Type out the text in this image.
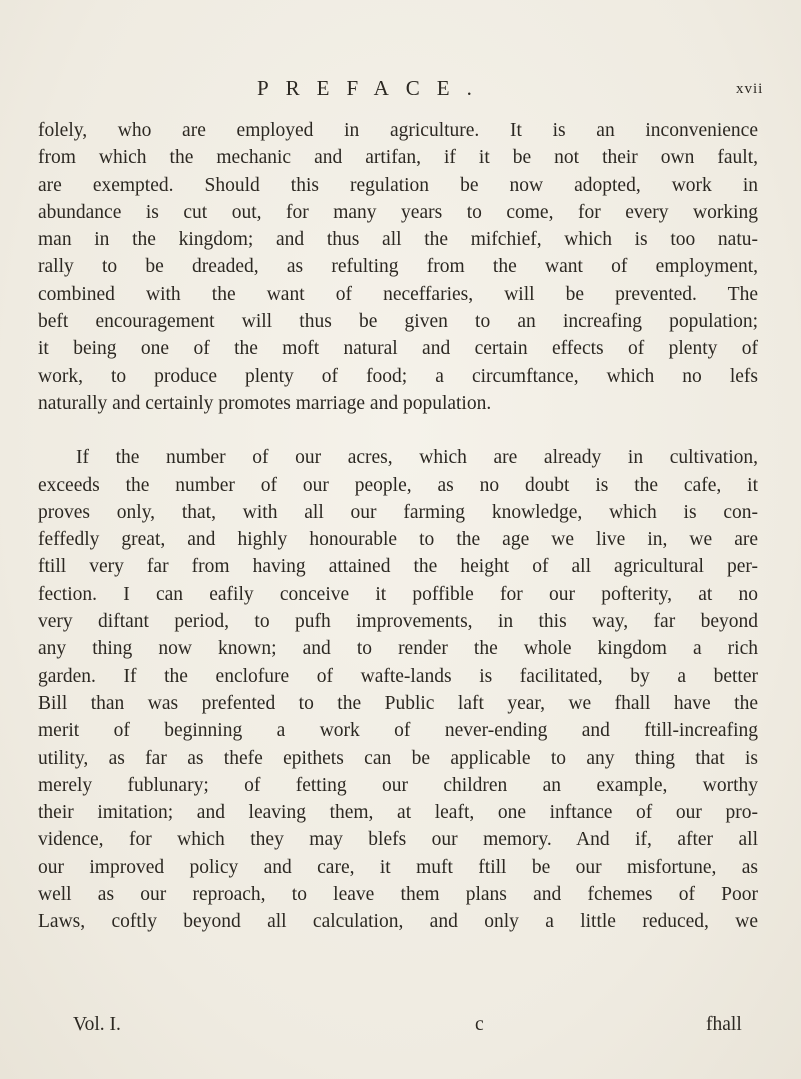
PREFACE.	xvii
folely, who are employed in agriculture. It is an inconvenience
from which the mechanic and artifan, if it be not their own fault,
are exempted. Should this regulation be now adopted, work in
abundance is cut out, for many years to come, for every working
man in the kingdom; and thus all the mifchief, which is too natu-
rally to be dreaded, as refulting from the want of employment,
combined with the want of neceffaries, will be prevented. The
beft encouragement will thus be given to an increafing population;
it being one of the moft natural and certain effects of plenty of
work, to produce plenty of food; a circumftance, which no lefs
naturally and certainly promotes marriage and population.
If the number of our acres, which are already in cultivation,
exceeds the number of our people, as no doubt is the cafe, it
proves only, that, with all our farming knowledge, which is con-
feffedly great, and highly honourable to the age we live in, we are
ftill very far from having attained the height of all agricultural per-
fection. I can eafily conceive it poffible for our pofterity, at no
very diftant period, to pufh improvements, in this way, far beyond
any thing now known; and to render the whole kingdom a rich
garden. If the enclofure of wafte-lands is facilitated, by a better
Bill than was prefented to the Public laft year, we fhall have the
merit of beginning a work of never-ending and ftill-increafing
utility, as far as thefe epithets can be applicable to any thing that is
merely fublunary; of fetting our children an example, worthy
their imitation; and leaving them, at leaft, one inftance of our pro-
vidence, for which they may blefs our memory. And if, after all
our improved policy and care, it muft ftill be our misfortune, as
well as our reproach, to leave them plans and fchemes of Poor
Laws, coftly beyond all calculation, and only a little reduced, we
Vol. I.	c	fhall
